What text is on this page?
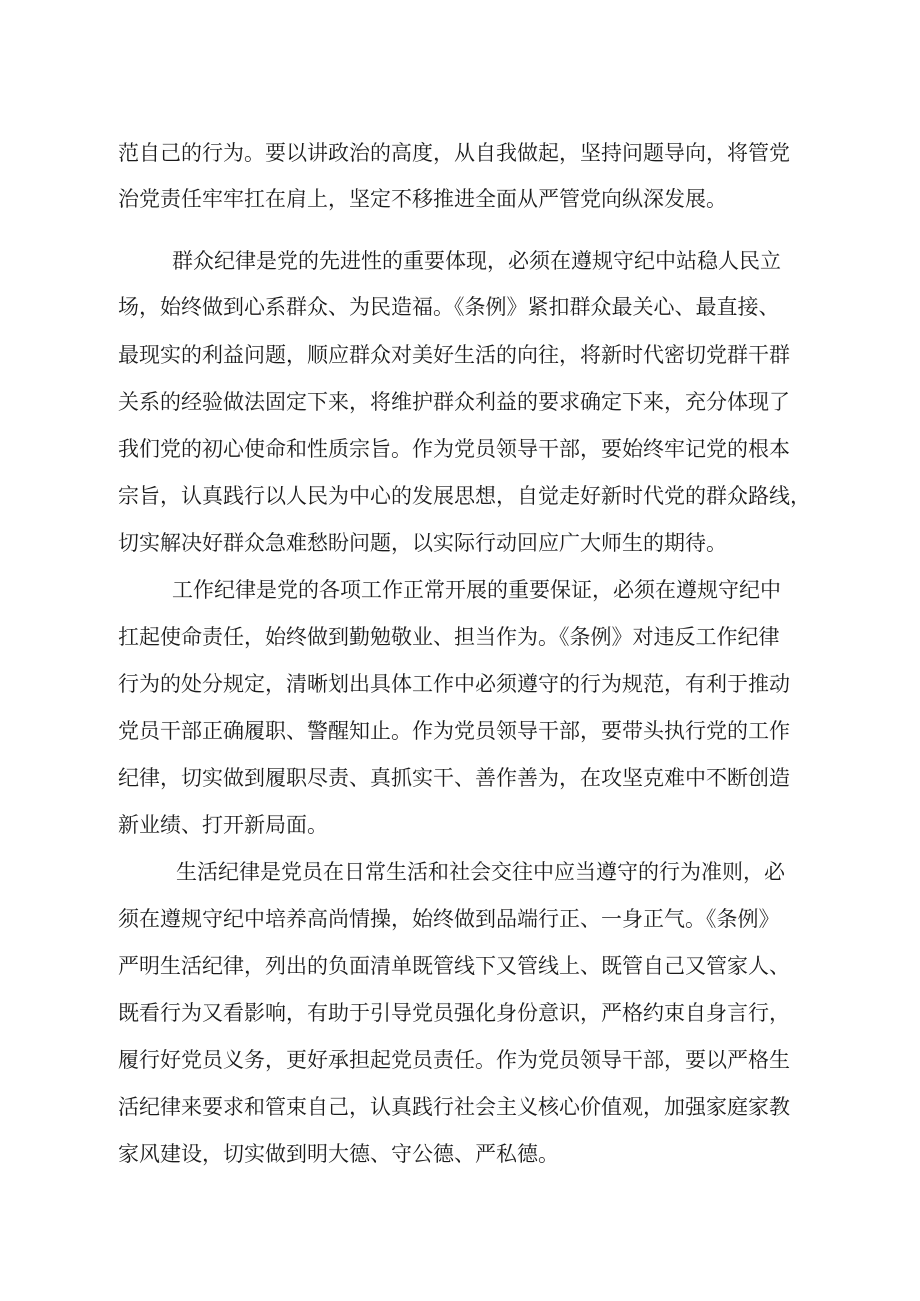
范自己的行为。要以讲政治的高度，从自我做起，坚持问题导向，将管党
治党责任牢牢扛在肩上，坚定不移推进全面从严管党向纵深发展。
群众纪律是党的先进性的重要体现，必须在遵规守纪中站稳人民立
场，始终做到心系群众、为民造福。《条例》紧扣群众最关心、最直接、
最现实的利益问题，顺应群众对美好生活的向往，将新时代密切党群干群
关系的经验做法固定下来，将维护群众利益的要求确定下来，充分体现了
我们党的初心使命和性质宗旨。作为党员领导干部，要始终牢记党的根本
宗旨，认真践行以人民为中心的发展思想，自觉走好新时代党的群众路线，
切实解决好群众急难愁盼问题，以实际行动回应广大师生的期待。
工作纪律是党的各项工作正常开展的重要保证，必须在遵规守纪中
扛起使命责任，始终做到勤勉敬业、担当作为。《条例》对违反工作纪律
行为的处分规定，清晰划出具体工作中必须遵守的行为规范，有利于推动
党员干部正确履职、警醒知止。作为党员领导干部，要带头执行党的工作
纪律，切实做到履职尽责、真抓实干、善作善为，在攻坚克难中不断创造
新业绩、打开新局面。
生活纪律是党员在日常生活和社会交往中应当遵守的行为准则，必
须在遵规守纪中培养高尚情操，始终做到品端行正、一身正气。《条例》
严明生活纪律，列出的负面清单既管线下又管线上、既管自己又管家人、
既看行为又看影响，有助于引导党员强化身份意识，严格约束自身言行，
履行好党员义务，更好承担起党员责任。作为党员领导干部，要以严格生
活纪律来要求和管束自己，认真践行社会主义核心价值观，加强家庭家教
家风建设，切实做到明大德、守公德、严私德。
